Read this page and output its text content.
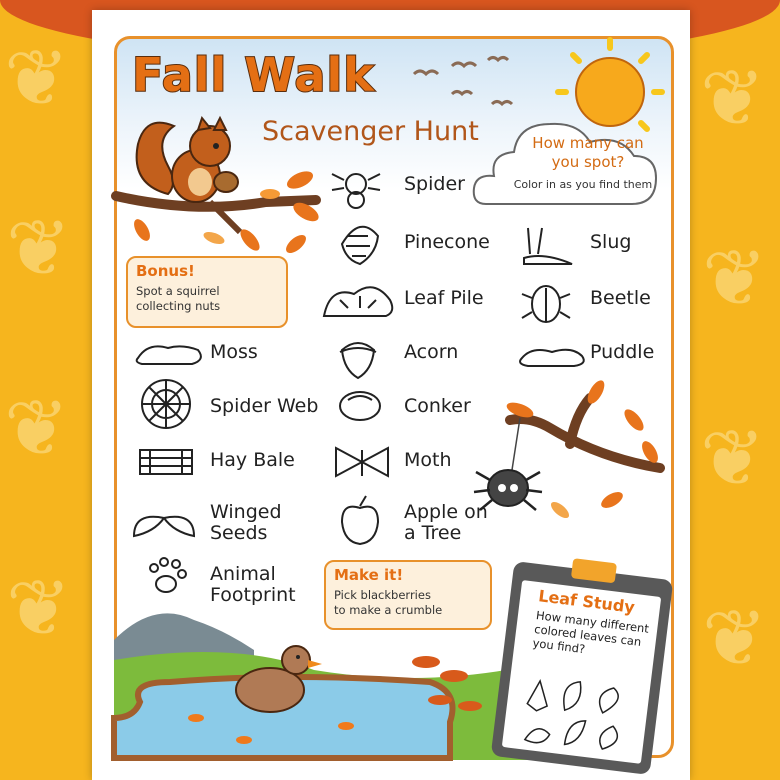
❦
❦
❦
❦
❦
❦
❦
❦
Fall Walk
Scavenger Hunt	How many can you spot?
Color in as you find them
Bonus!
Spot a squirrel collecting nuts
Make it!
Pick blackberries to make a crumble	Leaf Study
How many different colored leaves can you find?
Spider
Pinecone	Slug
Leaf Pile	Beetle
Moss	Acorn	Puddle
Spider Web	Conker
Hay Bale	Moth
Winged Seeds
Apple on a Tree
Animal Footprint
